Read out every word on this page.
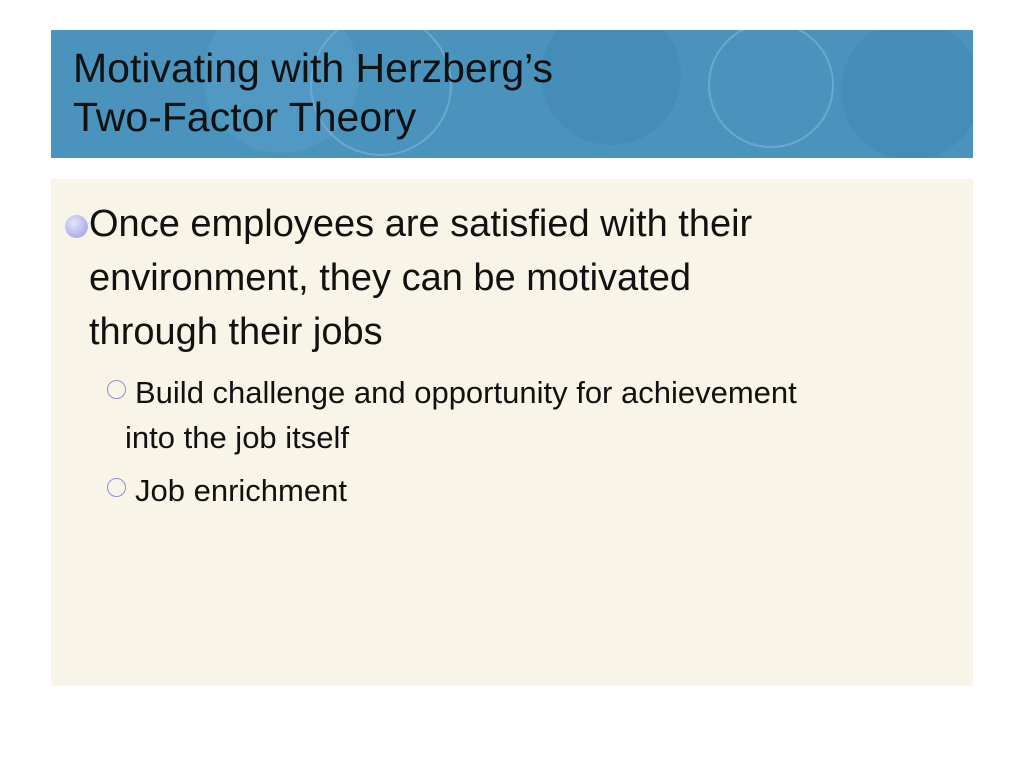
Motivating with Herzberg’s
Two-Factor Theory
Once employees are satisfied with their
environment, they can be motivated
through their jobs
Build challenge and opportunity for achievement
into the job itself
Job enrichment
